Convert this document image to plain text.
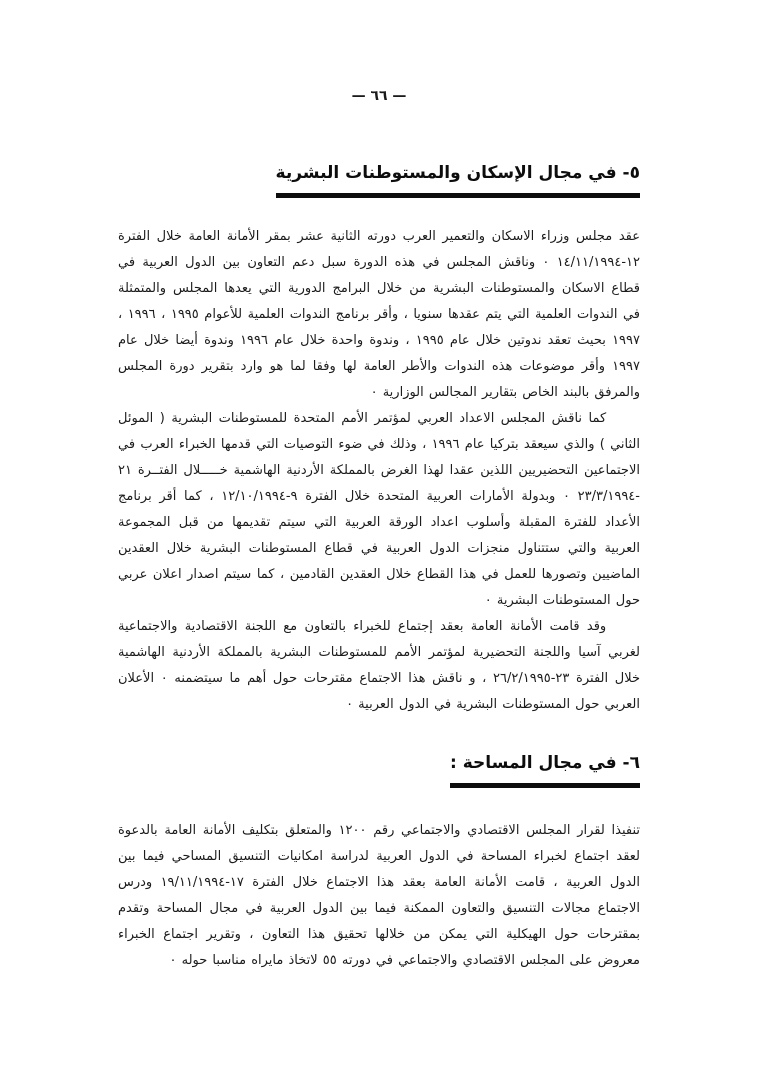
— ٦٦ —
٥- في مجال الإسكان والمستوطنات البشرية

عقد مجلس وزراء الاسكان والتعمير العرب دورته الثانية عشر بمقر الأمانة العامة خلال الفترة ١٢-١٤/١١/١٩٩٤ ٠ وناقش المجلس في هذه الدورة سبل دعم التعاون بين الدول العربية في قطاع الاسكان والمستوطنات البشرية من خلال البرامج الدورية التي يعدها المجلس والمتمثلة في الندوات العلمية التي يتم عقدها سنويا ، وأقر برنامج الندوات العلمية للأعوام ١٩٩٥ ، ١٩٩٦ ، ١٩٩٧ بحيث تعقد ندوتين خلال عام ١٩٩٥ ، وندوة واحدة خلال عام ١٩٩٦ وندوة أيضا خلال عام ١٩٩٧ وأقر موضوعات هذه الندوات والأطر العامة لها وفقا لما هو وارد بتقرير دورة المجلس والمرفق بالبند الخاص بتقارير المجالس الوزارية ٠

كما ناقش المجلس الاعداد العربي لمؤتمر الأمم المتحدة للمستوطنات البشرية ( الموئل الثاني ) والذي سيعقد بتركيا عام ١٩٩٦ ، وذلك في ضوء التوصيات التي قدمها الخبراء العرب في الاجتماعين التحضيريين اللذين عقدا لهذا الغرض بالمملكة الأردنية الهاشمية خـــــلال الفتــرة ٢١ -٢٣/٣/١٩٩٤ ٠ وبدولة الأمارات العربية المتحدة خلال الفترة ٩-١٢/١٠/١٩٩٤ ، كما أقر برنامج الأعداد للفترة المقبلة وأسلوب اعداد الورقة العربية التي سيتم تقديمها من قبل المجموعة العربية والتي ستتناول منجزات الدول العربية في قطاع المستوطنات البشرية خلال العقدين الماضيين وتصورها للعمل في هذا القطاع خلال العقدين القادمين ، كما سيتم اصدار اعلان عربي حول المستوطنات البشرية ٠

وقد قامت الأمانة العامة بعقد إجتماع للخبراء بالتعاون مع اللجنة الاقتصادية والاجتماعية لغربي آسيا واللجنة التحضيرية لمؤتمر الأمم للمستوطنات البشرية بالمملكة الأردنية الهاشمية خلال الفترة ٢٣-٢٦/٢/١٩٩٥ ، و ناقش هذا الاجتماع مقترحات حول أهم ما سيتضمنه ٠ الأعلان العربي حول المستوطنات البشرية في الدول العربية ٠

٦- في مجال المساحة :

تنفيذا لقرار المجلس الاقتصادي والاجتماعي رقم ١٢٠٠ والمتعلق بتكليف الأمانة العامة بالدعوة لعقد اجتماع لخبراء المساحة في الدول العربية لدراسة امكانيات التنسيق المساحي فيما بين الدول العربية ، قامت الأمانة العامة بعقد هذا الاجتماع خلال الفترة ١٧-١٩/١١/١٩٩٤ ودرس الاجتماع مجالات التنسيق والتعاون الممكنة فيما بين الدول العربية في مجال المساحة وتقدم بمقترحات حول الهيكلية التي يمكن من خلالها تحقيق هذا التعاون ، وتقرير اجتماع الخبراء معروض على المجلس الاقتصادي والاجتماعي في دورته ٥٥ لاتخاذ مايراه مناسبا حوله ٠
